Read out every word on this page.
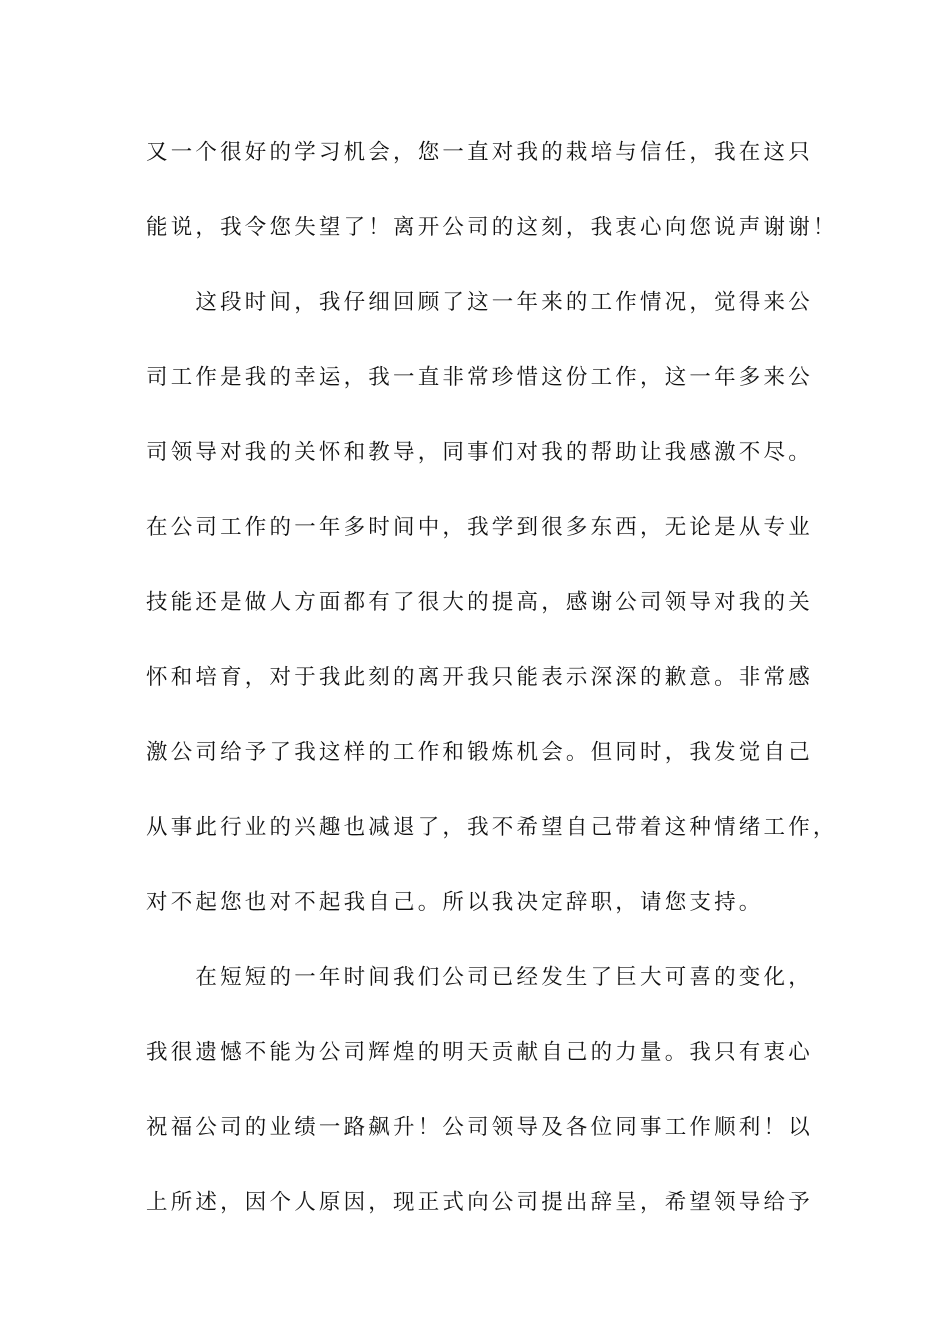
又一个很好的学习机会，您一直对我的栽培与信任，我在这只
能说，我令您失望了！离开公司的这刻，我衷心向您说声谢谢！
　　这段时间，我仔细回顾了这一年来的工作情况，觉得来公
司工作是我的幸运，我一直非常珍惜这份工作，这一年多来公
司领导对我的关怀和教导，同事们对我的帮助让我感激不尽。
在公司工作的一年多时间中，我学到很多东西，无论是从专业
技能还是做人方面都有了很大的提高，感谢公司领导对我的关
怀和培育，对于我此刻的离开我只能表示深深的歉意。非常感
激公司给予了我这样的工作和锻炼机会。但同时，我发觉自己
从事此行业的兴趣也减退了，我不希望自己带着这种情绪工作，
对不起您也对不起我自己。所以我决定辞职，请您支持。
　　在短短的一年时间我们公司已经发生了巨大可喜的变化，
我很遗憾不能为公司辉煌的明天贡献自己的力量。我只有衷心
祝福公司的业绩一路飙升！公司领导及各位同事工作顺利！以
上所述，因个人原因，现正式向公司提出辞呈，希望领导给予
